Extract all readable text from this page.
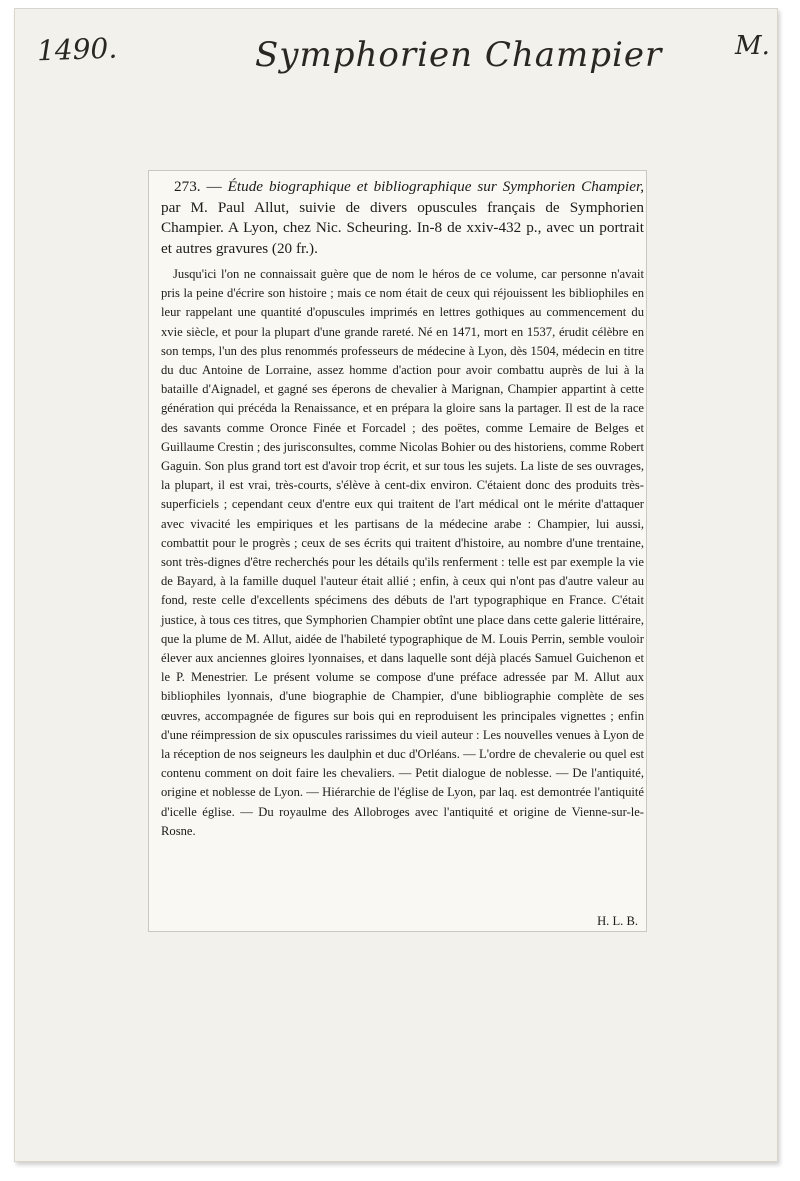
1490.	Symphorien Champier	M.

273. — Étude biographique et bibliographique sur Symphorien Champier, par M. Paul Allut, suivie de divers opuscules français de Symphorien Champier. A Lyon, chez Nic. Scheuring. In-8 de xxiv-432 p., avec un portrait et autres gravures (20 fr.).

Jusqu'ici l'on ne connaissait guère que de nom le héros de ce volume, car personne n'avait pris la peine d'écrire son histoire ; mais ce nom était de ceux qui réjouissent les bibliophiles en leur rappelant une quantité d'opuscules imprimés en lettres gothiques au commencement du xvie siècle, et pour la plupart d'une grande rareté. Né en 1471, mort en 1537, érudit célèbre en son temps, l'un des plus renommés professeurs de médecine à Lyon, dès 1504, médecin en titre du duc Antoine de Lorraine, assez homme d'action pour avoir combattu auprès de lui à la bataille d'Aignadel, et gagné ses éperons de chevalier à Marignan, Champier appartint à cette génération qui précéda la Renaissance, et en prépara la gloire sans la partager. Il est de la race des savants comme Oronce Finée et Forcadel ; des poëtes, comme Lemaire de Belges et Guillaume Crestin ; des jurisconsultes, comme Nicolas Bohier ou des historiens, comme Robert Gaguin. Son plus grand tort est d'avoir trop écrit, et sur tous les sujets. La liste de ses ouvrages, la plupart, il est vrai, très-courts, s'élève à cent-dix environ. C'étaient donc des produits très-superficiels ; cependant ceux d'entre eux qui traitent de l'art médical ont le mérite d'attaquer avec vivacité les empiriques et les partisans de la médecine arabe : Champier, lui aussi, combattit pour le progrès ; ceux de ses écrits qui traitent d'histoire, au nombre d'une trentaine, sont très-dignes d'être recherchés pour les détails qu'ils renferment : telle est par exemple la vie de Bayard, à la famille duquel l'auteur était allié ; enfin, à ceux qui n'ont pas d'autre valeur au fond, reste celle d'excellents spécimens des débuts de l'art typographique en France. C'était justice, à tous ces titres, que Symphorien Champier obtînt une place dans cette galerie littéraire, que la plume de M. Allut, aidée de l'habileté typographique de M. Louis Perrin, semble vouloir élever aux anciennes gloires lyonnaises, et dans laquelle sont déjà placés Samuel Guichenon et le P. Menestrier. Le présent volume se compose d'une préface adressée par M. Allut aux bibliophiles lyonnais, d'une biographie de Champier, d'une bibliographie complète de ses œuvres, accompagnée de figures sur bois qui en reproduisent les principales vignettes ; enfin d'une réimpression de six opuscules rarissimes du vieil auteur : Les nouvelles venues à Lyon de la réception de nos seigneurs les daulphin et duc d'Orléans. — L'ordre de chevalerie ou quel est contenu comment on doit faire les chevaliers. — Petit dialogue de noblesse. — De l'antiquité, origine et noblesse de Lyon. — Hiérarchie de l'église de Lyon, par laq. est demontrée l'antiquité d'icelle église. — Du royaulme des Allobroges avec l'antiquité et origine de Vienne-sur-le-Rosne.

H. L. B.
